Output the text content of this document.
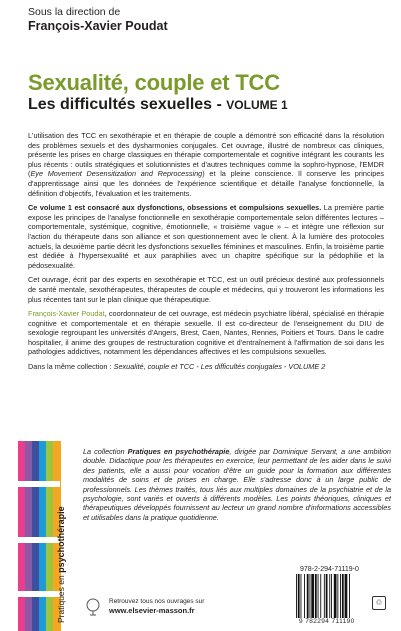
Sous la direction de
François-Xavier Poudat
Sexualité, couple et TCC
Les difficultés sexuelles - VOLUME 1

L'utilisation des TCC en sexothérapie et en thérapie de couple a démontré son efficacité dans la résolution des problèmes sexuels et des dysharmonies conjugales. Cet ouvrage, illustré de nombreux cas cliniques, présente les prises en charge classiques en thérapie comportementale et cognitive intégrant les courants les plus récents : outils stratégiques et solutionnistes et d'autres techniques comme la sophro-hypnose, l'EMDR (Eye Movement Desensitization and Reprocessing) et la pleine conscience. Il conserve les principes d'apprentissage ainsi que les données de l'expérience scientifique et détaille l'analyse fonctionnelle, la définition d'objectifs, l'évaluation et les traitements.

Ce volume 1 est consacré aux dysfonctions, obsessions et compulsions sexuelles. La première partie expose les principes de l'analyse fonctionnelle en sexothérapie comportementale selon différentes lectures – comportementale, systémique, cognitive, émotionnelle, « troisième vague » – et intègre une réflexion sur l'action du thérapeute dans son alliance et son questionnement avec le client. À la lumière des protocoles actuels, la deuxième partie décrit les dysfonctions sexuelles féminines et masculines. Enfin, la troisième partie est dédiée à l'hypersexualité et aux paraphilies avec un chapitre spécifique sur la pédophilie et la pédosexualité.

Cet ouvrage, écrit par des experts en sexothérapie et TCC, est un outil précieux destiné aux professionnels de santé mentale, sexothérapeutes, thérapeutes de couple et médecins, qui y trouveront les informations les plus récentes tant sur le plan clinique que thérapeutique.

François-Xavier Poudat, coordonnateur de cet ouvrage, est médecin psychiatre libéral, spécialisé en thérapie cognitive et comportementale et en thérapie sexuelle. Il est co-directeur de l'enseignement du DIU de sexologie regroupant les universités d'Angers, Brest, Caen, Nantes, Rennes, Poitiers et Tours. Dans le cadre hospitalier, il anime des groupes de restructuration cognitive et d'entraînement à l'affirmation de soi dans les pathologies addictives, notamment les dépendances affectives et les compulsions sexuelles.

Dans la même collection : Sexualité, couple et TCC - Les difficultés conjugales - VOLUME 2

Pratiques en psychothérapie
La collection Pratiques en psychothérapie, dirigée par Dominique Servant, a une ambition double. Didactique pour les thérapeutes en exercice, leur permettant de les aider dans le suivi des patients, elle a aussi pour vocation d'être un guide pour la formation aux différentes modalités de soins et de prises en charge. Elle s'adresse donc à un large public de professionnels. Les thèmes traités, tous liés aux multiples domaines de la psychiatrie et de la psychologie, sont variés et ouverts à différents modèles. Les points théoriques, cliniques et thérapeutiques développés fournissent au lecteur un grand nombre d'informations accessibles et utilisables dans la pratique quotidienne.
Retrouvez tous nos ouvrages sur
www.elsevier-masson.fr
978-2-294-71119-0
9 782294 711190
♲
